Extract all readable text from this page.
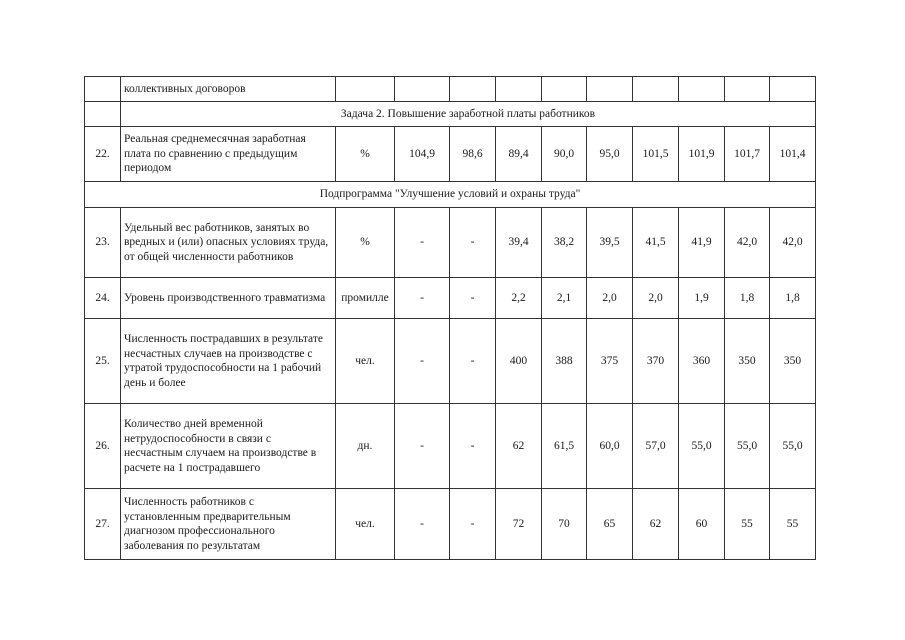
	коллективных договоров										
	Задача 2. Повышение заработной платы работников										
22.	Реальная среднемесячная заработная плата по сравнению с предыдущим периодом	%	104,9	98,6	89,4	90,0	95,0	101,5	101,9	101,7	101,4
Подпрограмма "Улучшение условий и охраны труда"											
23.	Удельный вес работников, занятых во вредных и (или) опасных условиях труда, от общей численности работников	%	-	-	39,4	38,2	39,5	41,5	41,9	42,0	42,0
24.	Уровень производственного травматизма	промилле	-	-	2,2	2,1	2,0	2,0	1,9	1,8	1,8
25.	Численность пострадавших в результате несчастных случаев на производстве с утратой трудоспособности на 1 рабочий день и более	чел.	-	-	400	388	375	370	360	350	350
26.	Количество дней временной нетрудоспособности в связи с несчастным случаем на производстве в расчете на 1 пострадавшего	дн.	-	-	62	61,5	60,0	57,0	55,0	55,0	55,0
27.	Численность работников с установленным предварительным диагнозом профессионального заболевания по результатам	чел.	-	-	72	70	65	62	60	55	55
